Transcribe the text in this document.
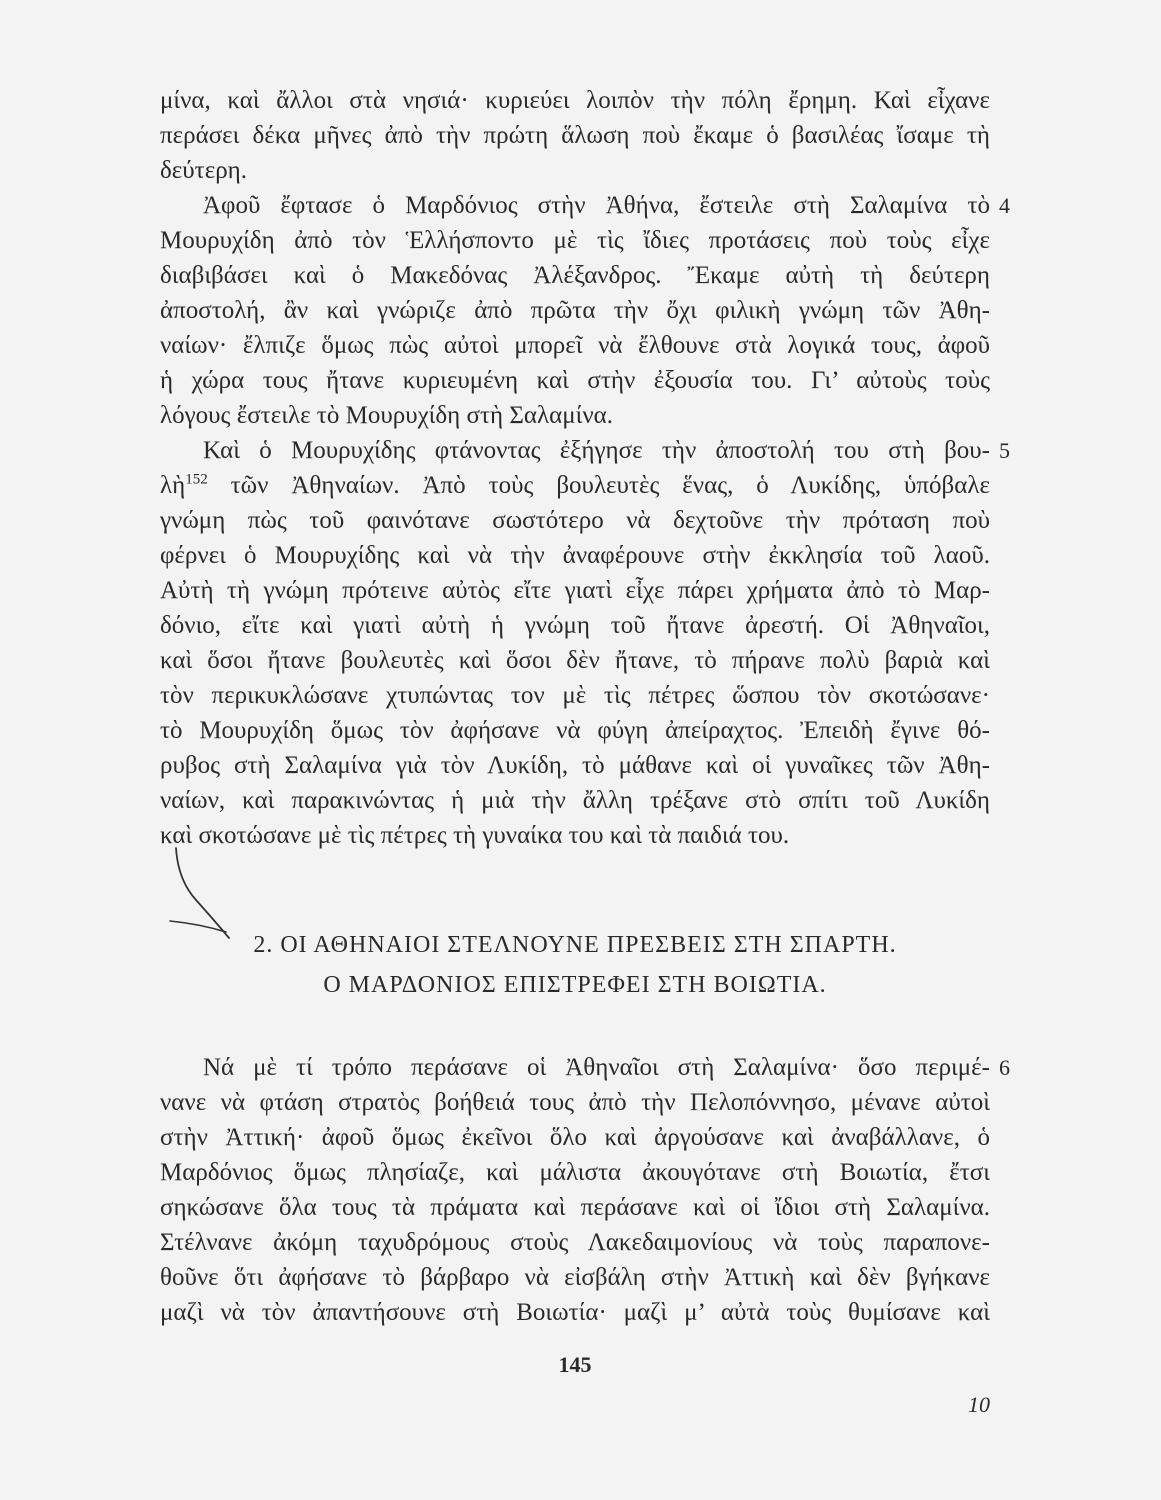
μίνα, καὶ ἄλλοι στὰ νησιά· κυριεύει λοιπὸν τὴν πόλη ἔρημη. Καὶ εἶχανε
περάσει δέκα μῆνες ἀπὸ τὴν πρώτη ἅλωση ποὺ ἔκαμε ὁ βασιλέας ἴσαμε τὴ
δεύτερη.
Ἀφοῦ ἔφτασε ὁ Μαρδόνιος στὴν Ἀθήνα, ἔστειλε στὴ Σαλαμίνα τὸ
Μουρυχίδη ἀπὸ τὸν Ἑλλήσποντο μὲ τὶς ἴδιες προτάσεις ποὺ τοὺς εἶχε
διαβιβάσει καὶ ὁ Μακεδόνας Ἀλέξανδρος. Ἔκαμε αὐτὴ τὴ δεύτερη
ἀποστολή, ἂν καὶ γνώριζε ἀπὸ πρῶτα τὴν ὄχι φιλικὴ γνώμη τῶν Ἀθη-
ναίων· ἔλπιζε ὅμως πὼς αὐτοὶ μπορεῖ νὰ ἔλθουνε στὰ λογικά τους, ἀφοῦ
ἡ χώρα τους ἤτανε κυριευμένη καὶ στὴν ἐξουσία του. Γι’ αὐτοὺς τοὺς
λόγους ἔστειλε τὸ Μουρυχίδη στὴ Σαλαμίνα.
4
Καὶ ὁ Μουρυχίδης φτάνοντας ἐξήγησε τὴν ἀποστολή του στὴ βου-
λὴ$^{152}$ τῶν Ἀθηναίων. Ἀπὸ τοὺς βουλευτὲς ἕνας, ὁ Λυκίδης, ὑπόβαλε
γνώμη πὼς τοῦ φαινότανε σωστότερο νὰ δεχτοῦνε τὴν πρόταση ποὺ
φέρνει ὁ Μουρυχίδης καὶ νὰ τὴν ἀναφέρουνε στὴν ἐκκλησία τοῦ λαοῦ.
Αὐτὴ τὴ γνώμη πρότεινε αὐτὸς εἴτε γιατὶ εἶχε πάρει χρήματα ἀπὸ τὸ Μαρ-
δόνιο, εἴτε καὶ γιατὶ αὐτὴ ἡ γνώμη τοῦ ἤτανε ἀρεστή. Οἱ Ἀθηναῖοι,
καὶ ὅσοι ἤτανε βουλευτὲς καὶ ὅσοι δὲν ἤτανε, τὸ πήρανε πολὺ βαριὰ καὶ
τὸν περικυκλώσανε χτυπώντας τον μὲ τὶς πέτρες ὥσπου τὸν σκοτώσανε·
τὸ Μουρυχίδη ὅμως τὸν ἀφήσανε νὰ φύγη ἀπείραχτος. Ἐπειδὴ ἔγινε θό-
ρυβος στὴ Σαλαμίνα γιὰ τὸν Λυκίδη, τὸ μάθανε καὶ οἱ γυναῖκες τῶν Ἀθη-
ναίων, καὶ παρακινώντας ἡ μιὰ τὴν ἄλλη τρέξανε στὸ σπίτι τοῦ Λυκίδη
καὶ σκοτώσανε μὲ τὶς πέτρες τὴ γυναίκα του καὶ τὰ παιδιά του.
5
2. ΟΙ ΑΘΗΝΑΙΟΙ ΣΤΕΛΝΟΥΝΕ ΠΡΕΣΒΕΙΣ ΣΤΗ ΣΠΑΡΤΗ.
Ο ΜΑΡΔΟΝΙΟΣ ΕΠΙΣΤΡΕΦΕΙ ΣΤΗ ΒΟΙΩΤΙΑ.
Νά μὲ τί τρόπο περάσανε οἱ Ἀθηναῖοι στὴ Σαλαμίνα· ὅσο περιμέ-
νανε νὰ φτάση στρατὸς βοήθειά τους ἀπὸ τὴν Πελοπόννησο, μένανε αὐτοὶ
στὴν Ἀττική· ἀφοῦ ὅμως ἐκεῖνοι ὅλο καὶ ἀργούσανε καὶ ἀναβάλλανε, ὁ
Μαρδόνιος ὅμως πλησίαζε, καὶ μάλιστα ἀκουγότανε στὴ Βοιωτία, ἔτσι
σηκώσανε ὅλα τους τὰ πράματα καὶ περάσανε καὶ οἱ ἴδιοι στὴ Σαλαμίνα.
Στέλνανε ἀκόμη ταχυδρόμους στοὺς Λακεδαιμονίους νὰ τοὺς παραπονε-
θοῦνε ὅτι ἀφήσανε τὸ βάρβαρο νὰ εἰσβάλη στὴν Ἀττικὴ καὶ δὲν βγήκανε
μαζὶ νὰ τὸν ἀπαντήσουνε στὴ Βοιωτία· μαζὶ μ’ αὐτὰ τοὺς θυμίσανε καὶ
6
145
10
